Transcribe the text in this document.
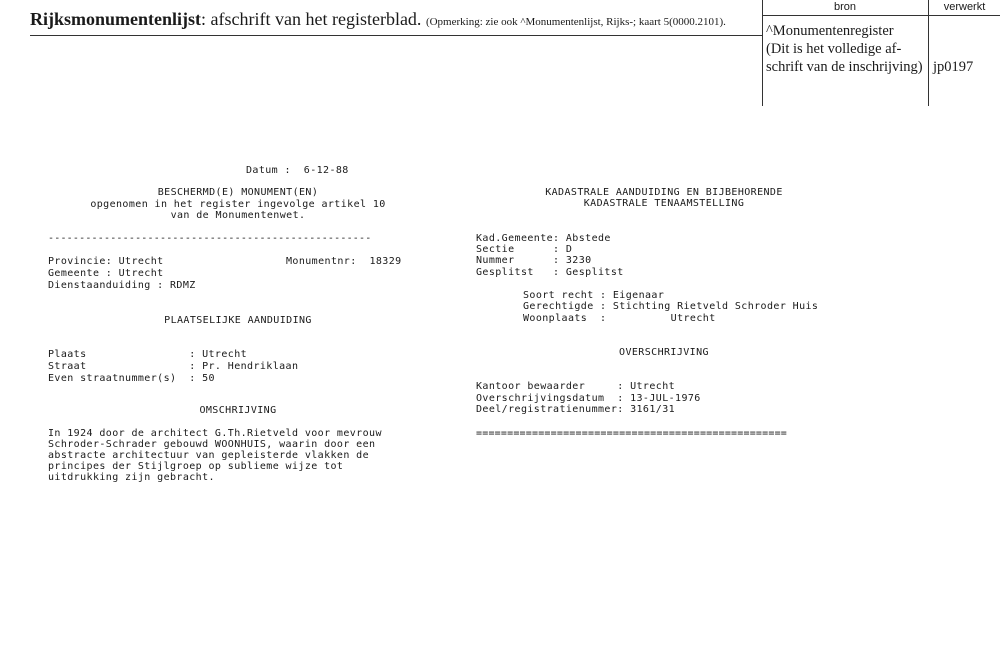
Rijksmonumentenlijst: afschrift van het registerblad. (Opmerking: zie ook ^Monumentenlijst, Rijks-; kaart 5(0000.2101).
bron	verwerkt
^Monumentenregister
(Dit is het volledige af-
schrift van de inschrijving) jp0197
Datum :  6-12-88
BESCHERMD(E) MONUMENT(EN)
opgenomen in het register ingevolge artikel 10
van de Monumentenwet.
----------------------------------------------------
Provincie: Utrecht	Monumentnr:  18329
Gemeente : Utrecht
Dienstaanduiding : RDMZ
PLAATSELIJKE AANDUIDING
Plaats                : Utrecht
Straat                : Pr. Hendriklaan
Even straatnummer(s)  : 50
OMSCHRIJVING
In 1924 door de architect G.Th.Rietveld voor mevrouw
Schroder-Schrader gebouwd WOONHUIS, waarin door een
abstracte architectuur van gepleisterde vlakken de
principes der Stijlgroep op sublieme wijze tot
uitdrukking zijn gebracht.
KADASTRALE AANDUIDING EN BIJBEHORENDE
KADASTRALE TENAAMSTELLING
Kad.Gemeente: Abstede
Sectie      : D
Nummer      : 3230
Gesplitst   : Gesplitst
Soort recht : Eigenaar
Gerechtigde : Stichting Rietveld Schroder Huis
Woonplaats  :          Utrecht
OVERSCHRIJVING
Kantoor bewaarder     : Utrecht
Overschrijvingsdatum  : 13-JUL-1976
Deel/registratienummer: 3161/31
==================================================
